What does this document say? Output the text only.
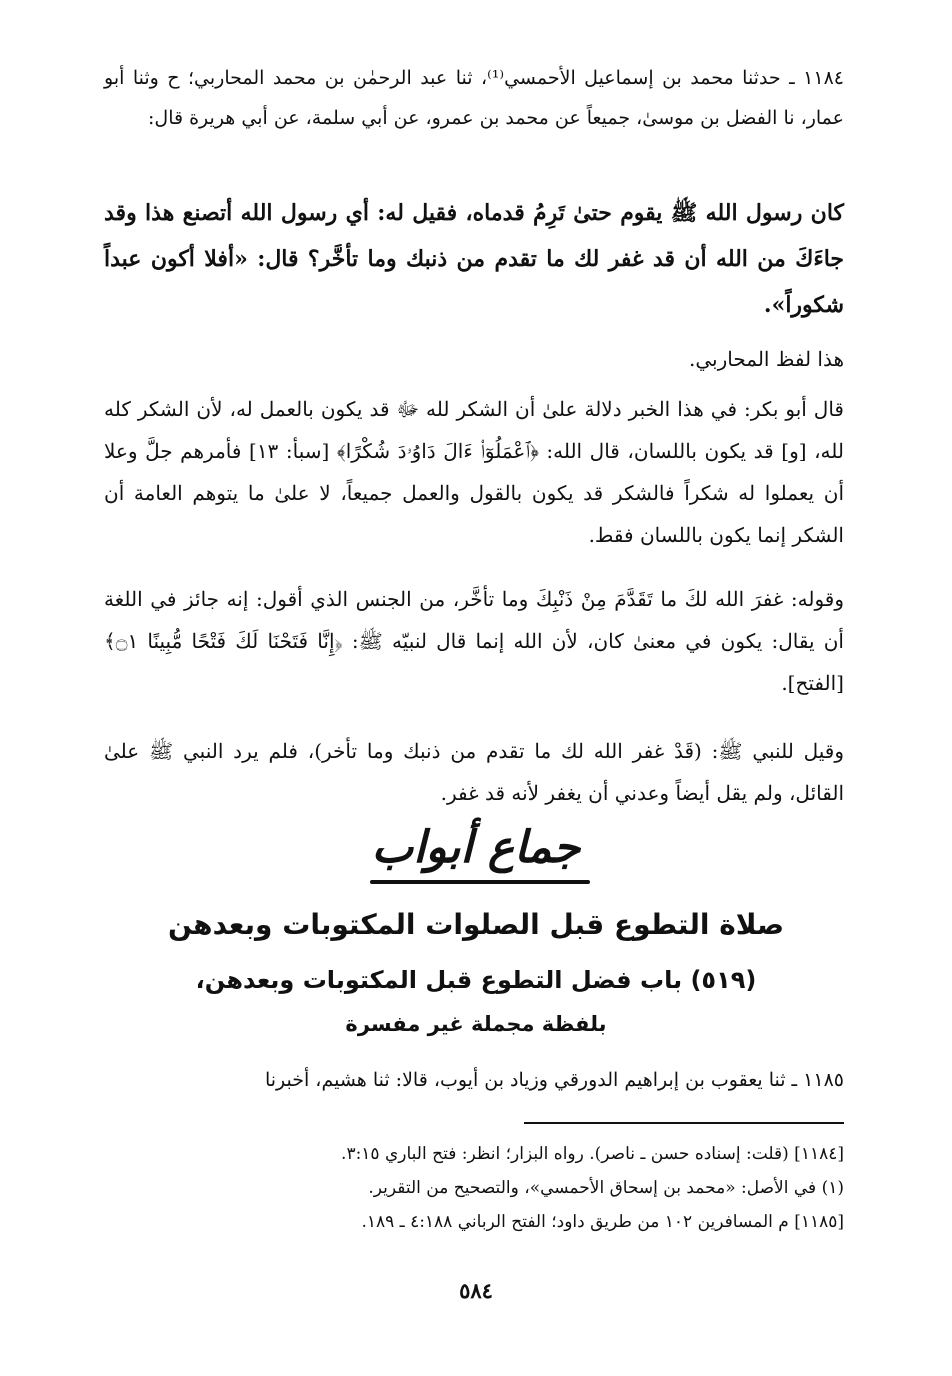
١١٨٤ ـ حدثنا محمد بن إسماعيل الأحمسي⁽¹⁾، ثنا عبد الرحمٰن بن محمد المحاربي؛ ح وثنا أبو عمار، نا الفضل بن موسىٰ، جميعاً عن محمد بن عمرو، عن أبي سلمة، عن أبي هريرة قال:
كان رسول الله ﷺ يقوم حتىٰ تَرِمُ قدماه، فقيل له: أي رسول الله أتصنع هذا وقد جاءَكَ من الله أن قد غفر لك ما تقدم من ذنبك وما تأخَّر؟ قال: «أفلا أكون عبداً شكوراً».
هذا لفظ المحاربي.
قال أبو بكر: في هذا الخبر دلالة علىٰ أن الشكر لله ﷻ قد يكون بالعمل له، لأن الشكر كله لله، [و] قد يكون باللسان، قال الله: ﴿ٱعْمَلُوٓا۟ ءَالَ دَاوُۥدَ شُكْرًا﴾ [سبأ: ١٣] فأمرهم جلَّ وعلا أن يعملوا له شكراً فالشكر قد يكون بالقول والعمل جميعاً، لا علىٰ ما يتوهم العامة أن الشكر إنما يكون باللسان فقط.
وقوله: غفرَ الله لكَ ما تَقَدَّمَ مِنْ ذَنْبِكَ وما تأخَّر، من الجنس الذي أقول: إنه جائز في اللغة أن يقال: يكون في معنىٰ كان، لأن الله إنما قال لنبيّه ﷺ: ﴿إِنَّا فَتَحْنَا لَكَ فَتْحًا مُّبِينًا ۝١﴾ [الفتح].
وقيل للنبي ﷺ: (قَدْ غفر الله لك ما تقدم من ذنبك وما تأخر)، فلم يرد النبي ﷺ علىٰ القائل، ولم يقل أيضاً وعدني أن يغفر لأنه قد غفر.
جماع أبواب
صلاة التطوع قبل الصلوات المكتوبات وبعدهن
(٥١٩) باب فضل التطوع قبل المكتوبات وبعدهن،
بلفظة مجملة غير مفسرة
١١٨٥ ـ ثنا يعقوب بن إبراهيم الدورقي وزياد بن أيوب، قالا: ثنا هشيم، أخبرنا
[١١٨٤] (قلت: إسناده حسن ـ ناصر). رواه البزار؛ انظر: فتح الباري ٣:١٥.
(١) في الأصل: «محمد بن إسحاق الأحمسي»، والتصحيح من التقرير.
[١١٨٥] م المسافرين ١٠٢ من طريق داود؛ الفتح الرباني ٤:١٨٨ ـ ١٨٩.
٥٨٤
